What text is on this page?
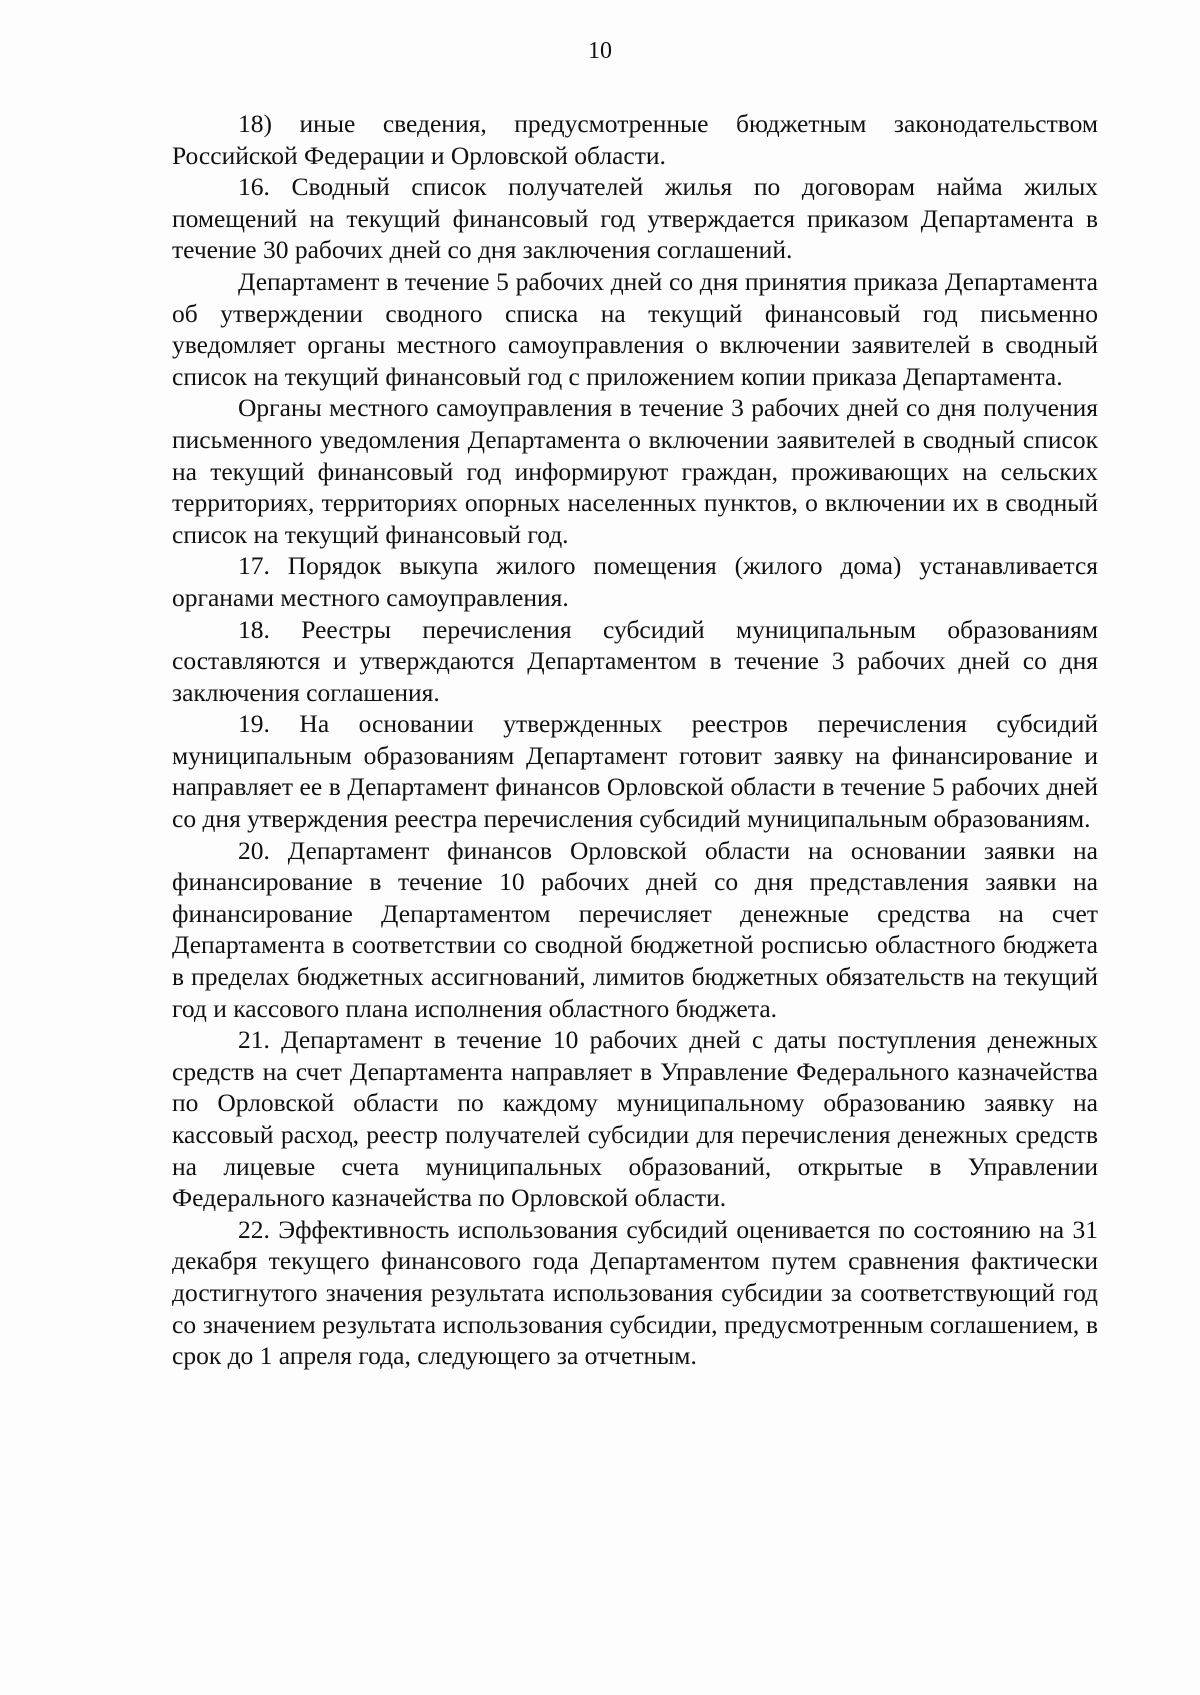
10

18) иные сведения, предусмотренные бюджетным законодательством Российской Федерации и Орловской области.

16. Сводный список получателей жилья по договорам найма жилых помещений на текущий финансовый год утверждается приказом Департамента в течение 30 рабочих дней со дня заключения соглашений.

Департамент в течение 5 рабочих дней со дня принятия приказа Департамента об утверждении сводного списка на текущий финансовый год письменно уведомляет органы местного самоуправления о включении заявителей в сводный список на текущий финансовый год с приложением копии приказа Департамента.

Органы местного самоуправления в течение 3 рабочих дней со дня получения письменного уведомления Департамента о включении заявителей в сводный список на текущий финансовый год информируют граждан, проживающих на сельских территориях, территориях опорных населенных пунктов, о включении их в сводный список на текущий финансовый год.

17. Порядок выкупа жилого помещения (жилого дома) устанавливается органами местного самоуправления.

18. Реестры перечисления субсидий муниципальным образованиям составляются и утверждаются Департаментом в течение 3 рабочих дней со дня заключения соглашения.

19. На основании утвержденных реестров перечисления субсидий муниципальным образованиям Департамент готовит заявку на финансирование и направляет ее в Департамент финансов Орловской области в течение 5 рабочих дней со дня утверждения реестра перечисления субсидий муниципальным образованиям.

20. Департамент финансов Орловской области на основании заявки на финансирование в течение 10 рабочих дней со дня представления заявки на финансирование Департаментом перечисляет денежные средства на счет Департамента в соответствии со сводной бюджетной росписью областного бюджета в пределах бюджетных ассигнований, лимитов бюджетных обязательств на текущий год и кассового плана исполнения областного бюджета.

21. Департамент в течение 10 рабочих дней с даты поступления денежных средств на счет Департамента направляет в Управление Федерального казначейства по Орловской области по каждому муниципальному образованию заявку на кассовый расход, реестр получателей субсидии для перечисления денежных средств на лицевые счета муниципальных образований, открытые в Управлении Федерального казначейства по Орловской области.

22. Эффективность использования субсидий оценивается по состоянию на 31 декабря текущего финансового года Департаментом путем сравнения фактически достигнутого значения результата использования субсидии за соответствующий год со значением результата использования субсидии, предусмотренным соглашением, в срок до 1 апреля года, следующего за отчетным.
